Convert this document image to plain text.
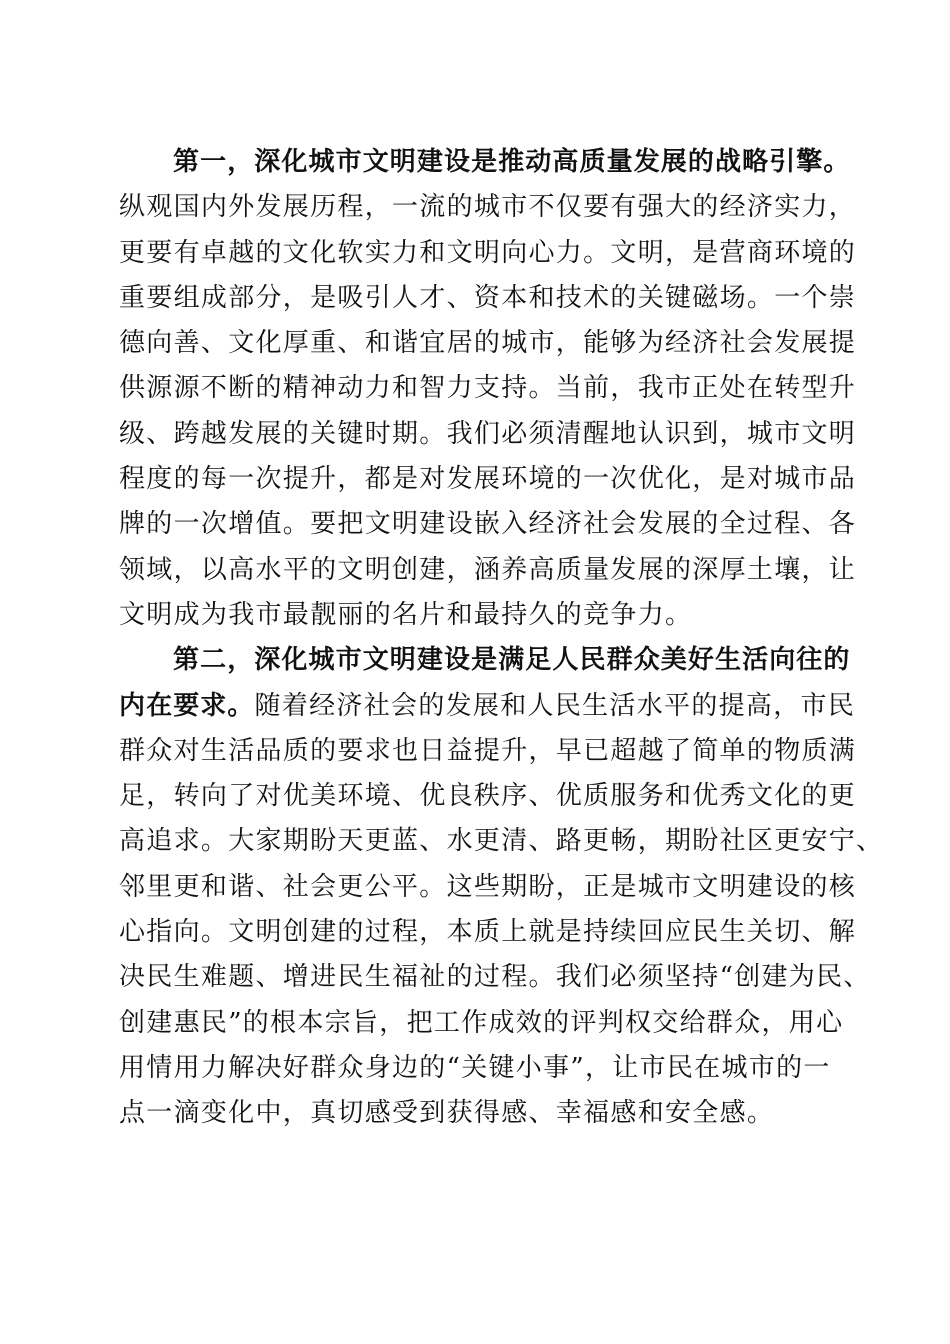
第一，深化城市文明建设是推动高质量发展的战略引擎。
纵观国内外发展历程，一流的城市不仅要有强大的经济实力，
更要有卓越的文化软实力和文明向心力。文明，是营商环境的
重要组成部分，是吸引人才、资本和技术的关键磁场。一个崇
德向善、文化厚重、和谐宜居的城市，能够为经济社会发展提
供源源不断的精神动力和智力支持。当前，我市正处在转型升
级、跨越发展的关键时期。我们必须清醒地认识到，城市文明
程度的每一次提升，都是对发展环境的一次优化，是对城市品
牌的一次增值。要把文明建设嵌入经济社会发展的全过程、各
领域，以高水平的文明创建，涵养高质量发展的深厚土壤，让
文明成为我市最靓丽的名片和最持久的竞争力。
第二，深化城市文明建设是满足人民群众美好生活向往的
内在要求。随着经济社会的发展和人民生活水平的提高，市民
群众对生活品质的要求也日益提升，早已超越了简单的物质满
足，转向了对优美环境、优良秩序、优质服务和优秀文化的更
高追求。大家期盼天更蓝、水更清、路更畅，期盼社区更安宁、
邻里更和谐、社会更公平。这些期盼，正是城市文明建设的核
心指向。文明创建的过程，本质上就是持续回应民生关切、解
决民生难题、增进民生福祉的过程。我们必须坚持“创建为民、
创建惠民”的根本宗旨，把工作成效的评判权交给群众，用心
用情用力解决好群众身边的“关键小事”，让市民在城市的一
点一滴变化中，真切感受到获得感、幸福感和安全感。
